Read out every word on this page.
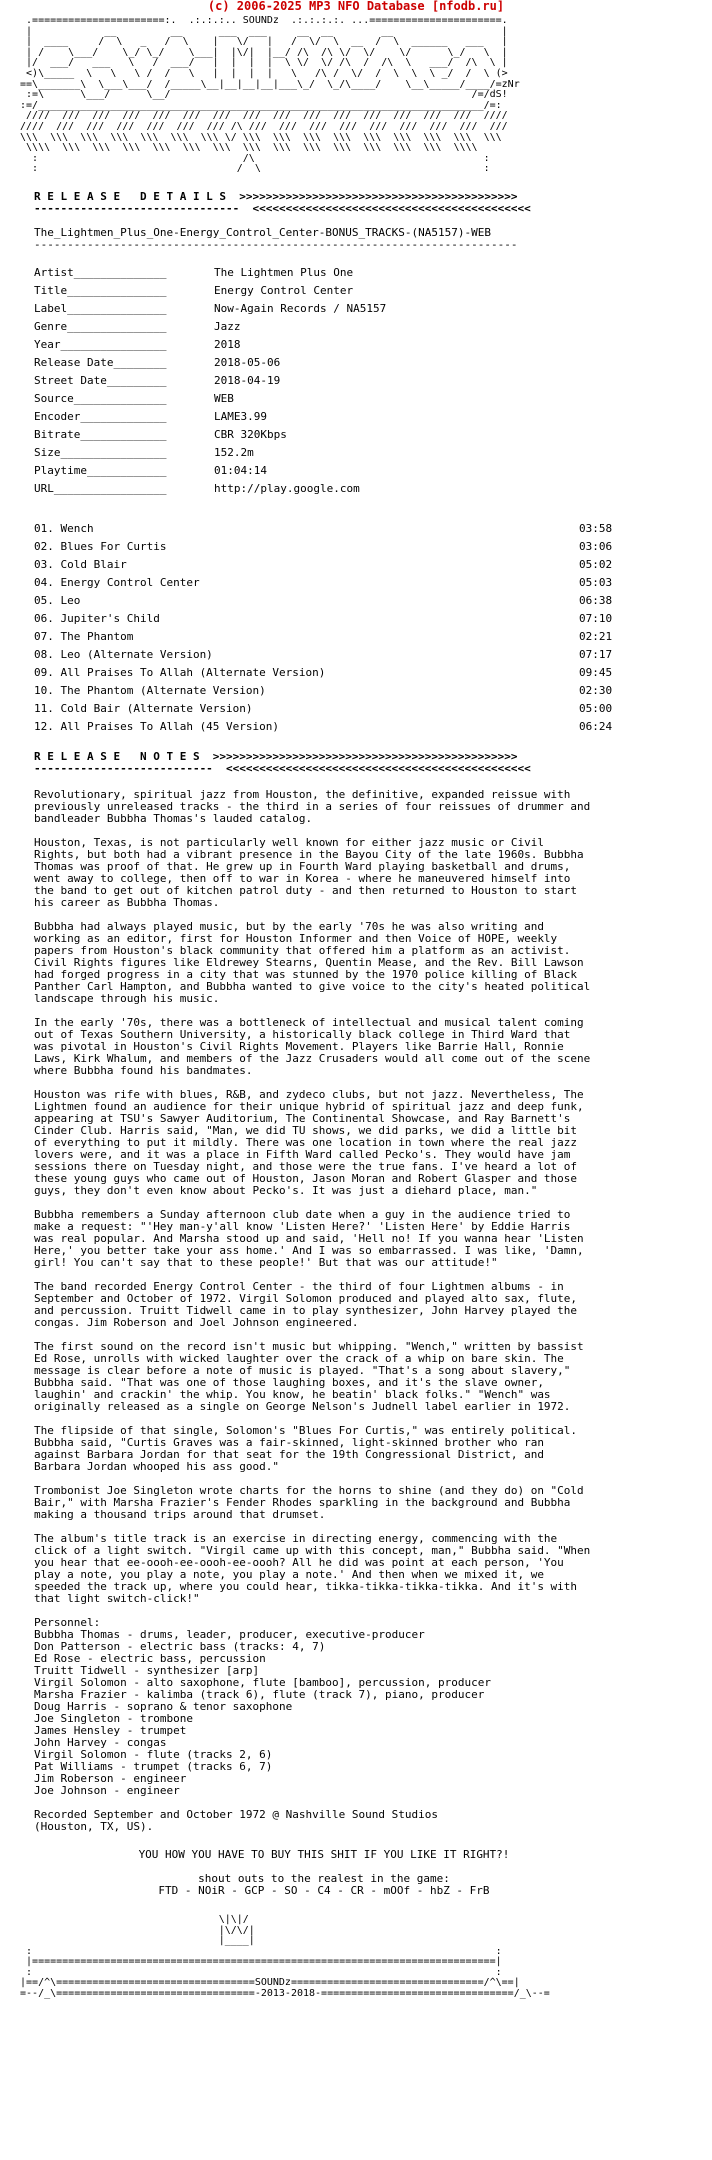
(c) 2006-2025 MP3 NFO Database [nfodb.ru]
.======================:.  .:.:.:.. SOUNDz  .:.:.:.:. ...======================.
|            __         __      ___  ___     __  __        __                  |
|  ____     /  \   _   /  \    |   \/   |   /  \/  \  __  /  \  ______   ___   |
| /    \___/    \_/ \_/    \___|  |\/|  |__/ /\  /\ \/  \/    \/      \_/   \  |
|/  ___/   ___   \   /  ___/   |  |  |  |  \ \/  \/ /\  /  /\  \   ___/  /\  \ |
<)\_____  \   \   \ /  /   \   |  |  |  |   \   /\ /  \/  /  \  \  \ _/  /  \ (>
==\_______\  \___\___/  /_____\__|__|__|__|___\_/  \_/\____/    \__\_____/____/=zNr
:=\      \___/      \__/                                                  /=/dS!
:=/__________________________________________________________________________/=:
////  ///  ///  ///  ///  ///  ///  ///  ///  ///  ///  ///  ///  ///  ///  ////
////  ///  ///  ///  ///  ///  /// /\ ///  ///  ///  ///  ///  ///  ///  ///  ///
\\\  \\\  \\\  \\\  \\\  \\\  \\\ \/ \\\  \\\  \\\  \\\  \\\  \\\  \\\  \\\  \\\
\\\\  \\\  \\\  \\\  \\\  \\\  \\\  \\\  \\\  \\\  \\\  \\\  \\\  \\\  \\\\
:                                  /\                                      :
:                                 /  \                                     :
R E L E A S E   D E T A I L S  >>>>>>>>>>>>>>>>>>>>>>>>>>>>>>>>>>>>>>>>>>
-------------------------------  <<<<<<<<<<<<<<<<<<<<<<<<<<<<<<<<<<<<<<<<<<
The_Lightmen_Plus_One-Energy_Control_Center-BONUS_TRACKS-(NA5157)-WEB
-------------------------------------------------------------------------
Artist______________	The Lightmen Plus One
Title_______________	Energy Control Center
Label_______________	Now-Again Records / NA5157
Genre_______________	Jazz
Year________________	2018
Release Date________	2018-05-06
Street Date_________	2018-04-19
Source______________	WEB
Encoder_____________	LAME3.99
Bitrate_____________	CBR 320Kbps
Size________________	152.2m
Playtime____________	01:04:14
URL_________________	http://play.google.com
01. Wench	03:58
02. Blues For Curtis	03:06
03. Cold Blair	05:02
04. Energy Control Center	05:03
05. Leo	06:38
06. Jupiter's Child	07:10
07. The Phantom	02:21
08. Leo (Alternate Version)	07:17
09. All Praises To Allah (Alternate Version)	09:45
10. The Phantom (Alternate Version)	02:30
11. Cold Bair (Alternate Version)	05:00
12. All Praises To Allah (45 Version)	06:24
R E L E A S E   N O T E S  >>>>>>>>>>>>>>>>>>>>>>>>>>>>>>>>>>>>>>>>>>>>>>
---------------------------  <<<<<<<<<<<<<<<<<<<<<<<<<<<<<<<<<<<<<<<<<<<<<<

Revolutionary, spiritual jazz from Houston, the definitive, expanded reissue with previously unreleased tracks - the third in a series of four reissues of drummer and bandleader Bubbha Thomas's lauded catalog.

Houston, Texas, is not particularly well known for either jazz music or Civil Rights, but both had a vibrant presence in the Bayou City of the late 1960s. Bubbha Thomas was proof of that. He grew up in Fourth Ward playing basketball and drums, went away to college, then off to war in Korea - where he maneuvered himself into the band to get out of kitchen patrol duty - and then returned to Houston to start his career as Bubbha Thomas.

Bubbha had always played music, but by the early '70s he was also writing and working as an editor, first for Houston Informer and then Voice of HOPE, weekly papers from Houston's black community that offered him a platform as an activist. Civil Rights figures like Eldrewey Stearns, Quentin Mease, and the Rev. Bill Lawson had forged progress in a city that was stunned by the 1970 police killing of Black Panther Carl Hampton, and Bubbha wanted to give voice to the city's heated political landscape through his music.

In the early '70s, there was a bottleneck of intellectual and musical talent coming out of Texas Southern University, a historically black college in Third Ward that was pivotal in Houston's Civil Rights Movement. Players like Barrie Hall, Ronnie Laws, Kirk Whalum, and members of the Jazz Crusaders would all come out of the scene where Bubbha found his bandmates.

Houston was rife with blues, R&B, and zydeco clubs, but not jazz. Nevertheless, The Lightmen found an audience for their unique hybrid of spiritual jazz and deep funk, appearing at TSU's Sawyer Auditorium, The Continental Showcase, and Ray Barnett's Cinder Club. Harris said, "Man, we did TU shows, we did parks, we did a little bit of everything to put it mildly. There was one location in town where the real jazz lovers were, and it was a place in Fifth Ward called Pecko's. They would have jam sessions there on Tuesday night, and those were the true fans. I've heard a lot of these young guys who came out of Houston, Jason Moran and Robert Glasper and those guys, they don't even know about Pecko's. It was just a diehard place, man."

Bubbha remembers a Sunday afternoon club date when a guy in the audience tried to make a request: "'Hey man-y'all know 'Listen Here?' 'Listen Here' by Eddie Harris was real popular. And Marsha stood up and said, 'Hell no! If you wanna hear 'Listen Here,' you better take your ass home.' And I was so embarrassed. I was like, 'Damn, girl! You can't say that to these people!' But that was our attitude!"

The band recorded Energy Control Center - the third of four Lightmen albums - in September and October of 1972. Virgil Solomon produced and played alto sax, flute, and percussion. Truitt Tidwell came in to play synthesizer, John Harvey played the congas. Jim Roberson and Joel Johnson engineered.

The first sound on the record isn't music but whipping. "Wench," written by bassist Ed Rose, unrolls with wicked laughter over the crack of a whip on bare skin. The message is clear before a note of music is played. "That's a song about slavery," Bubbha said. "That was one of those laughing boxes, and it's the slave owner, laughin' and crackin' the whip. You know, he beatin' black folks." "Wench" was originally released as a single on George Nelson's Judnell label earlier in 1972.

The flipside of that single, Solomon's "Blues For Curtis," was entirely political. Bubbha said, "Curtis Graves was a fair-skinned, light-skinned brother who ran against Barbara Jordan for that seat for the 19th Congressional District, and Barbara Jordan whooped his ass good."

Trombonist Joe Singleton wrote charts for the horns to shine (and they do) on "Cold Bair," with Marsha Frazier's Fender Rhodes sparkling in the background and Bubbha making a thousand trips around that drumset.

The album's title track is an exercise in directing energy, commencing with the click of a light switch. "Virgil came up with this concept, man," Bubbha said. "When you hear that ee-oooh-ee-oooh-ee-oooh? All he did was point at each person, 'You play a note, you play a note, you play a note.' And then when we mixed it, we speeded the track up, where you could hear, tikka-tikka-tikka-tikka. And it's with that light switch-click!"

Personnel:
Bubbha Thomas - drums, leader, producer, executive-producer
Don Patterson - electric bass (tracks: 4, 7)
Ed Rose - electric bass, percussion
Truitt Tidwell - synthesizer [arp]
Virgil Solomon - alto saxophone, flute [bamboo], percussion, producer
Marsha Frazier - kalimba (track 6), flute (track 7), piano, producer
Doug Harris - soprano & tenor saxophone
Joe Singleton - trombone
James Hensley - trumpet
John Harvey - congas
Virgil Solomon - flute (tracks 2, 6)
Pat Williams - trumpet (tracks 6, 7)
Jim Roberson - engineer
Joe Johnson - engineer
Recorded September and October 1972 @ Nashville Sound Studios
(Houston, TX, US).
YOU HOW YOU HAVE TO BUY THIS SHIT IF YOU LIKE IT RIGHT?!
shout outs to the realest in the game:
FTD - NOiR - GCP - SO - C4 - CR - mOOf - hbZ - FrB
\|\|/
|\/\/|
|____|
:                                                                             :
|=============================================================================|
:                                                                             :
|==/^\=================================SOUNDz================================/^\==|
=--/_\=================================-2013-2018-================================/_\--=
